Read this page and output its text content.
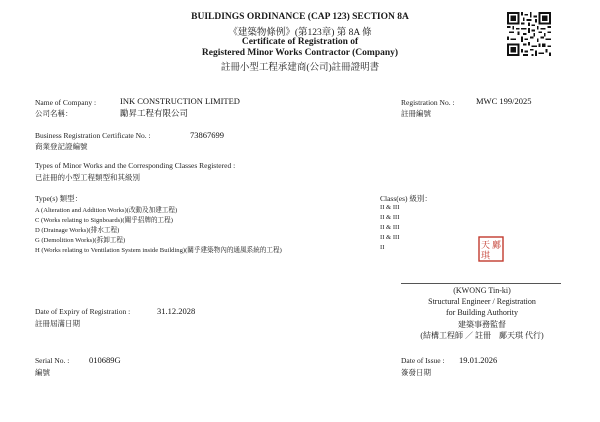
BUILDINGS ORDINANCE (CAP 123) SECTION 8A
《建築物條例》(第123章) 第 8A 條
Certificate of Registration of
Registered Minor Works Contractor (Company)
註冊小型工程承建商(公司)註冊證明書
Name of Company :
公司名稱：
INK CONSTRUCTION LIMITED
勵昇工程有限公司
Registration No. :
註冊編號
MWC 199/2025
Business Registration Certificate No. :
商業登記證編號
73867699
Types of Minor Works and the Corresponding Classes Registered :
已註冊的小型工程類型和其級別
Type(s) 類型：	Class(es) 級別：
A (Alteration and Addition Works)(改動及加建工程)	II & III
C (Works relating to Signboards)(關乎招牌的工程)	II & III
D (Drainage Works)(排水工程)	II & III
G (Demolition Works)(拆卸工程)	II & III
H (Works relating to Ventilation System inside Building)(關乎建築物內的通風系統的工程)	II	鄺
天
琪
(KWONG Tin-ki)
Structural Engineer / Registration
for Building Authority
建築事務監督
(結構工程師 ／ 註冊　鄺天琪 代行)
Date of Expiry of Registration :
註冊屆滿日期
31.12.2028
Serial No. :
編號
010689G	Date of Issue :
簽發日期
19.01.2026
